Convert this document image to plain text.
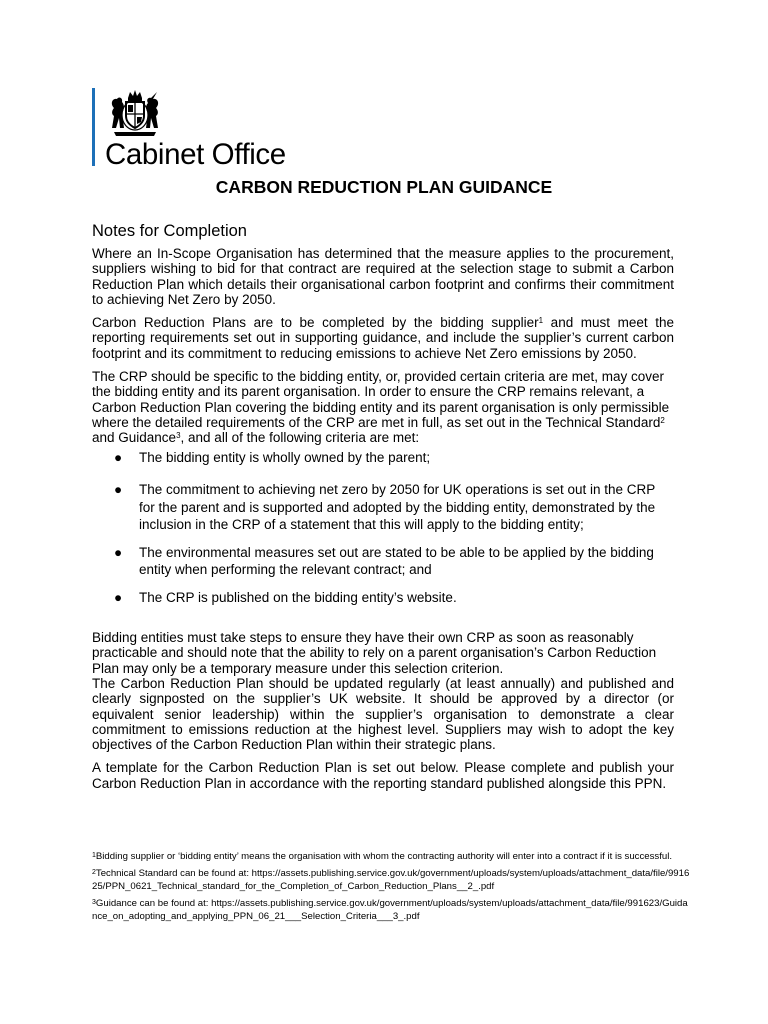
Cabinet Office
CARBON REDUCTION PLAN GUIDANCE
Notes for Completion

Where an In-Scope Organisation has determined that the measure applies to the procurement, suppliers wishing to bid for that contract are required at the selection stage to submit a Carbon Reduction Plan which details their organisational carbon footprint and confirms their commitment to achieving Net Zero by 2050.

Carbon Reduction Plans are to be completed by the bidding supplier$^1$ and must meet the reporting requirements set out in supporting guidance, and include the supplier’s current carbon footprint and its commitment to reducing emissions to achieve Net Zero emissions by 2050.

The CRP should be specific to the bidding entity, or, provided certain criteria are met, may cover the bidding entity and its parent organisation. In order to ensure the CRP remains relevant, a Carbon Reduction Plan covering the bidding entity and its parent organisation is only permissible where the detailed requirements of the CRP are met in full, as set out in the Technical Standard$^2$ and Guidance$^3$, and all of the following criteria are met:

● The bidding entity is wholly owned by the parent;
● The commitment to achieving net zero by 2050 for UK operations is set out in the CRP for the parent and is supported and adopted by the bidding entity, demonstrated by the inclusion in the CRP of a statement that this will apply to the bidding entity;
● The environmental measures set out are stated to be able to be applied by the bidding entity when performing the relevant contract; and
● The CRP is published on the bidding entity’s website.

Bidding entities must take steps to ensure they have their own CRP as soon as reasonably practicable and should note that the ability to rely on a parent organisation’s Carbon Reduction Plan may only be a temporary measure under this selection criterion.

The Carbon Reduction Plan should be updated regularly (at least annually) and published and clearly signposted on the supplier’s UK website. It should be approved by a director (or equivalent senior leadership) within the supplier’s organisation to demonstrate a clear commitment to emissions reduction at the highest level. Suppliers may wish to adopt the key objectives of the Carbon Reduction Plan within their strategic plans.

A template for the Carbon Reduction Plan is set out below. Please complete and publish your Carbon Reduction Plan in accordance with the reporting standard published alongside this PPN.

$^1$Bidding supplier or ‘bidding entity’ means the organisation with whom the contracting authority will enter into a contract if it is successful.

$^2$Technical Standard can be found at: https://assets.publishing.service.gov.uk/government/uploads/system/uploads/attachment_data/file/991625/PPN_0621_Technical_standard_for_the_Completion_of_Carbon_Reduction_Plans__2_.pdf

$^3$Guidance can be found at: https://assets.publishing.service.gov.uk/government/uploads/system/uploads/attachment_data/file/991623/Guidance_on_adopting_and_applying_PPN_06_21___Selection_Criteria___3_.pdf
